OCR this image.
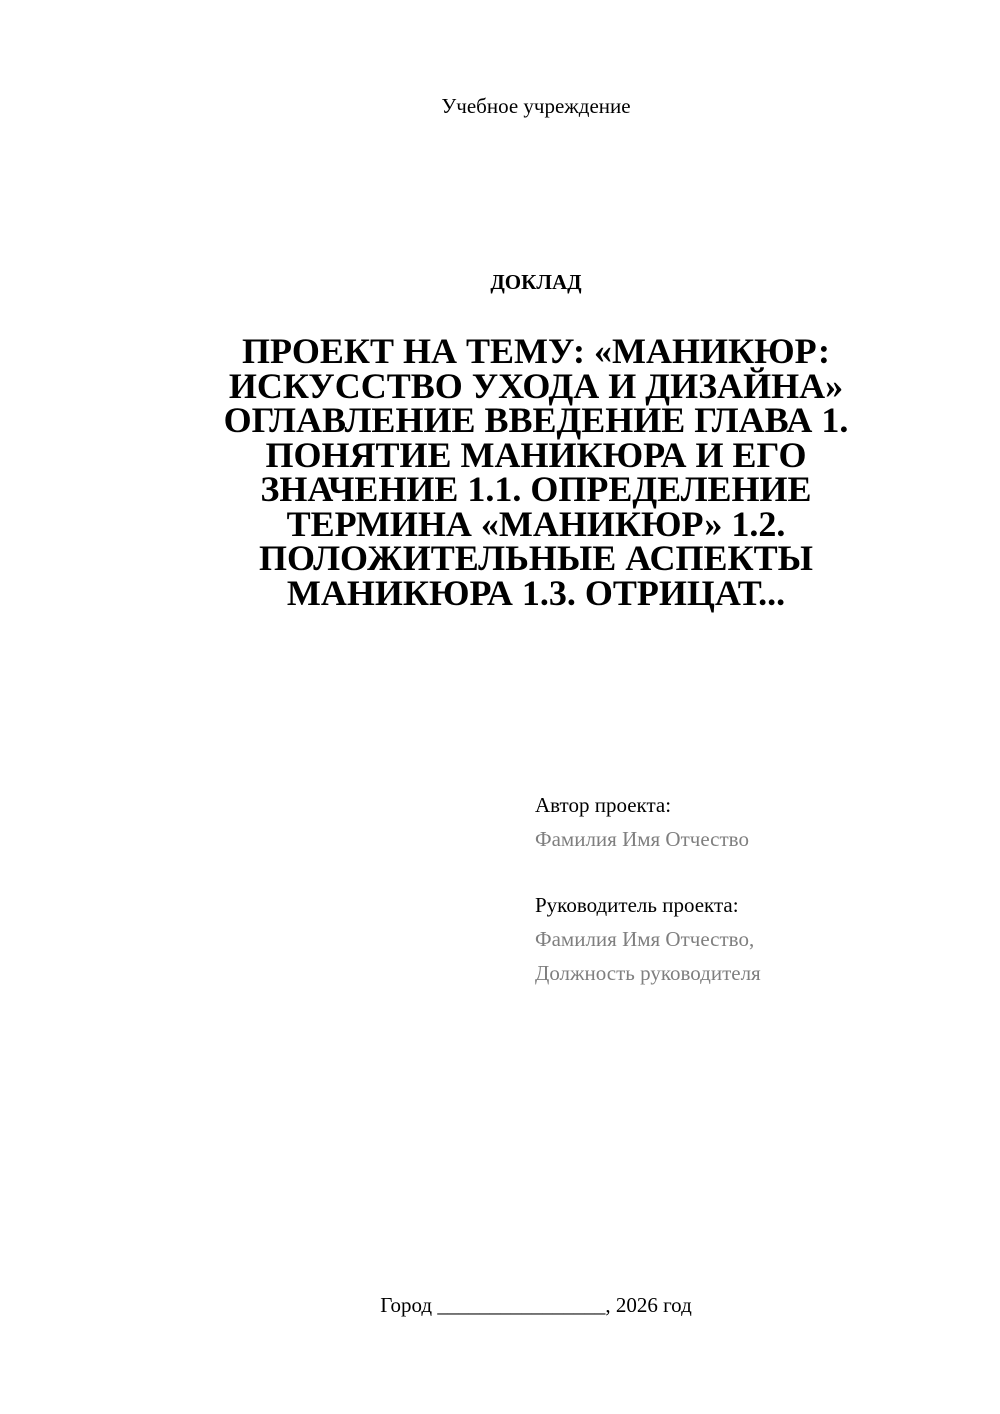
Учебное учреждение
ДОКЛАД
ПРОЕКТ НА ТЕМУ: «МАНИКЮР: ИСКУССТВО УХОДА И ДИЗАЙНА» ОГЛАВЛЕНИЕ ВВЕДЕНИЕ ГЛАВА 1. ПОНЯТИЕ МАНИКЮРА И ЕГО ЗНАЧЕНИЕ 1.1. ОПРЕДЕЛЕНИЕ ТЕРМИНА «МАНИКЮР» 1.2. ПОЛОЖИТЕЛЬНЫЕ АСПЕКТЫ МАНИКЮРА 1.3. ОТРИЦАТ...
Автор проекта:
Фамилия Имя Отчество
Руководитель проекта:
Фамилия Имя Отчество,
Должность руководителя
Город ________________, 2026 год
